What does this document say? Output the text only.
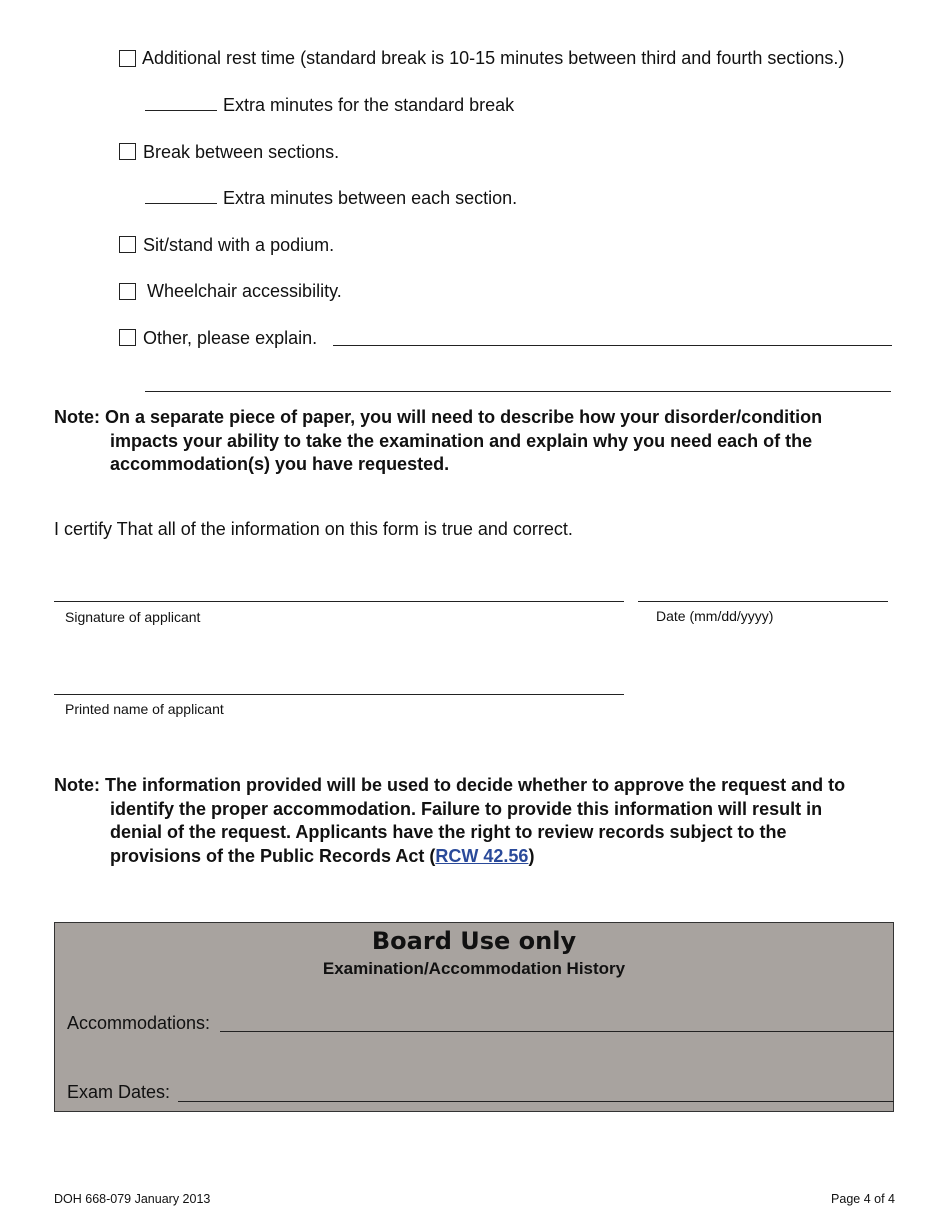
Additional rest time (standard break is 10-15 minutes between third and fourth sections.)
Extra minutes for the standard break
Break between sections.
Extra minutes between each section.
Sit/stand with a podium.
Wheelchair accessibility.
Other, please explain.
Note: On a separate piece of paper, you will need to describe how your disorder/condition impacts your ability to take the examination and explain why you need each of the accommodation(s) you have requested.
I certify That all of the information on this form is true and correct.
Signature of applicant	Date (mm/dd/yyyy)
Printed name of applicant
Note: The information provided will be used to decide whether to approve the request and to identify the proper accommodation. Failure to provide this information will result in denial of the request. Applicants have the right to review records subject to the provisions of the Public Records Act (RCW 42.56)
Board Use only
Examination/Accommodation History
Accommodations:
Exam Dates:
DOH 668-079 January 2013	Page 4 of 4
